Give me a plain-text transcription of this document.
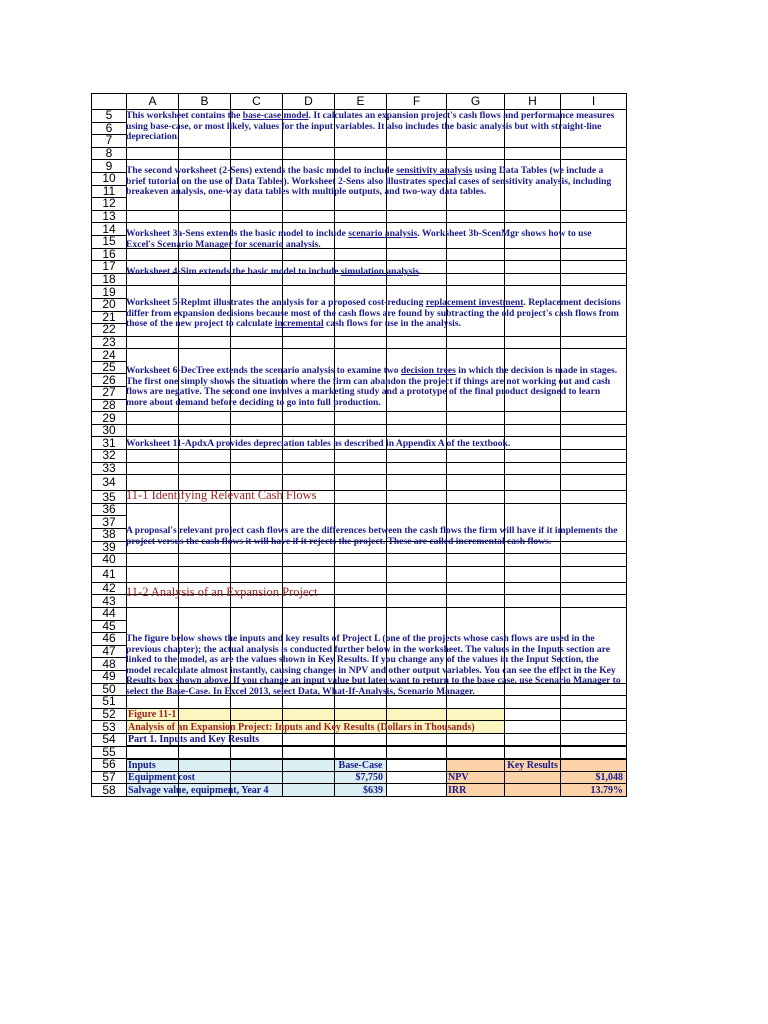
	A	B	C	D	E	F	G	H	I
5									
6									
7									
8									
9									
10									
11									
12									
13									
14									
15									
16									
17									
18									
19									
20									
21									
22									
23									
24									
25									
26									
27									
28									
29									
30									
31									
32									
33									
34									
35									
36									
37									
38									
39									
40									
41									
42									
43									
44									
45									
46									
47									
48									
49									
50									
51									
52	Figure 11-1								
53	Analysis of an Expansion Project: Inputs and Key Results (Dollars in Thousands)								
54	Part 1. Inputs and Key Results								
55									
56	Inputs				Base-Case			Key Results	
57	Equipment cost				$7,750		NPV		$1,048
58	Salvage value, equipment, Year 4				$639		IRR		13.79%
This worksheet contains the base-case model. It calculates an expansion project's cash flows and performance measures using base-case, or most likely, values for the input variables. It also includes the basic analysis but with straight-line depreciation.
The second worksheet (2-Sens) extends the basic model to include sensitivity analysis using Data Tables (we include a brief tutorial on the use of Data Tables). Worksheet 2-Sens also illustrates special cases of sensitivity analysis, including breakeven analysis, one-way data tables with multiple outputs, and two-way data tables.
Worksheet 3a-Sens extends the basic model to include scenario analysis. Worksheet 3b-ScenMgr shows how to use Excel's Scenario Manager for scenario analysis.
Worksheet 4-Sim extends the basic model to include simulation analysis.
Worksheet 5-Replmt illustrates the analysis for a proposed cost-reducing replacement investment. Replacement decisions differ from expansion decisions because most of the cash flows are found by subtracting the old project's cash flows from those of the new project to calculate incremental cash flows for use in the analysis.
Worksheet 6-DecTree extends the scenario analysis to examine two decision trees in which the decision is made in stages. The first one simply shows the situation where the firm can abandon the project if things are not working out and cash flows are negative. The second one involves a marketing study and a prototype of the final product designed to learn more about demand before deciding to go into full production.
Worksheet 11-ApdxA provides depreciation tables as described in Appendix A of the textbook.
11-1 Identifying Relevant Cash Flows
A proposal's relevant project cash flows are the differences between the cash flows the firm will have if it implements the project versus the cash flows it will have if it rejects the project. These are called incremental cash flows.
11-2 Analysis of an Expansion Project
The figure below shows the inputs and key results of Project L (one of the projects whose cash flows are used in the previous chapter); the actual analysis is conducted further below in the worksheet. The values in the Inputs section are linked to the model, as are the values shown in Key Results. If you change any of the values in the Input Section, the model recalculate almost instantly, causing changes in NPV and other output variables. You can see the effect in the Key Results box shown above. If you change an input value but later want to return to the base case, use Scenario Manager to select the Base-Case. In Excel 2013, select Data, What-If-Analysis, Scenario Manager.
